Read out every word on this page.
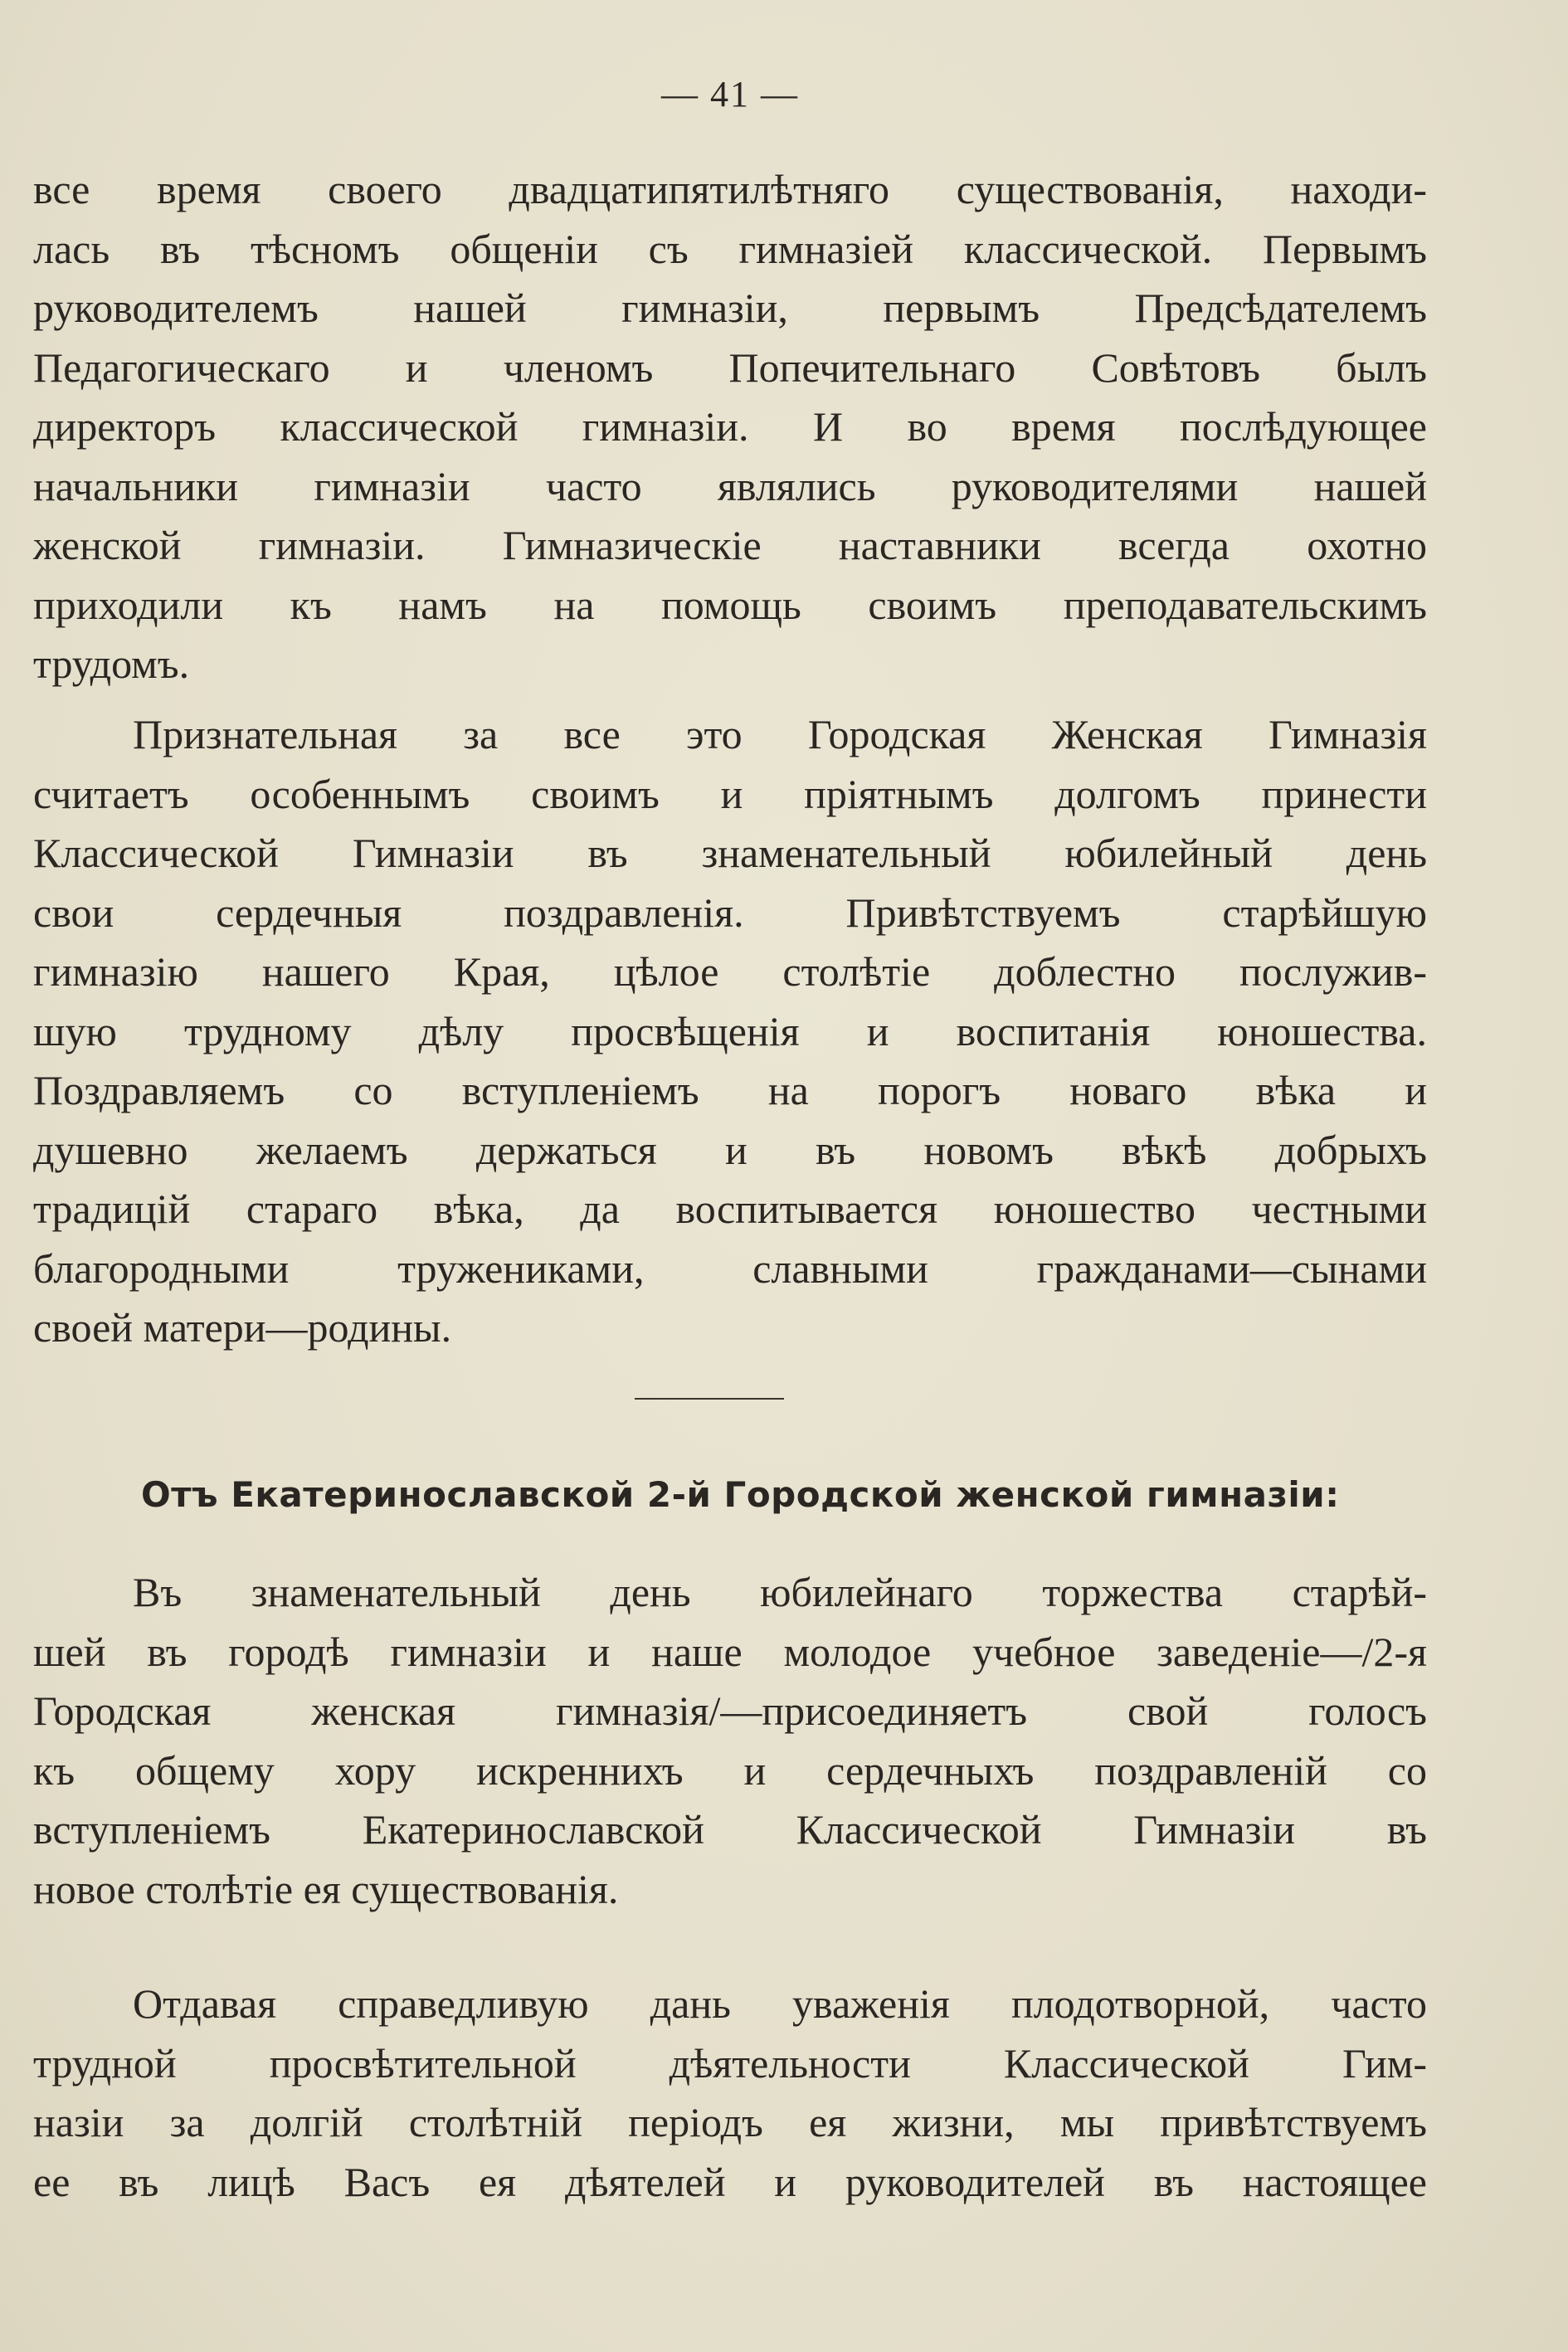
— 41 —
все время своего двадцатипятилѣтняго существованія, находи-
лась въ тѣсномъ общеніи съ гимназіей классической. Первымъ
руководителемъ нашей гимназіи, первымъ Предсѣдателемъ
Педагогическаго и членомъ Попечительнаго Совѣтовъ былъ
директоръ классической гимназіи. И во время послѣдующее
начальники гимназіи часто являлись руководителями нашей
женской гимназіи. Гимназическіе наставники всегда охотно
приходили къ намъ на помощь своимъ преподавательскимъ
трудомъ.
Признательная за все это Городская Женская Гимназія
считаетъ особеннымъ своимъ и пріятнымъ долгомъ принести
Классической Гимназіи въ знаменательный юбилейный день
свои сердечныя поздравленія. Привѣтствуемъ старѣйшую
гимназію нашего Края, цѣлое столѣтіе доблестно послужив-
шую трудному дѣлу просвѣщенія и воспитанія юношества.
Поздравляемъ со вступленіемъ на порогъ новаго вѣка и
душевно желаемъ держаться и въ новомъ вѣкѣ добрыхъ
традицій стараго вѣка, да воспитывается юношество честными
благородными тружениками, славными гражданами—сынами
своей матери—родины.
Отъ Екатеринославской 2-й Городской женской гимназіи:
Въ знаменательный день юбилейнаго торжества старѣй-
шей въ городѣ гимназіи и наше молодое учебное заведеніе—/2-я
Городская женская гимназія/—присоединяетъ свой голосъ
къ общему хору искреннихъ и сердечныхъ поздравленій со
вступленіемъ Екатеринославской Классической Гимназіи въ
новое столѣтіе ея существованія.
Отдавая справедливую дань уваженія плодотворной, часто
трудной просвѣтительной дѣятельности Классической Гим-
назіи за долгій столѣтній періодъ ея жизни, мы привѣтствуемъ
ее въ лицѣ Васъ ея дѣятелей и руководителей въ настоящее
